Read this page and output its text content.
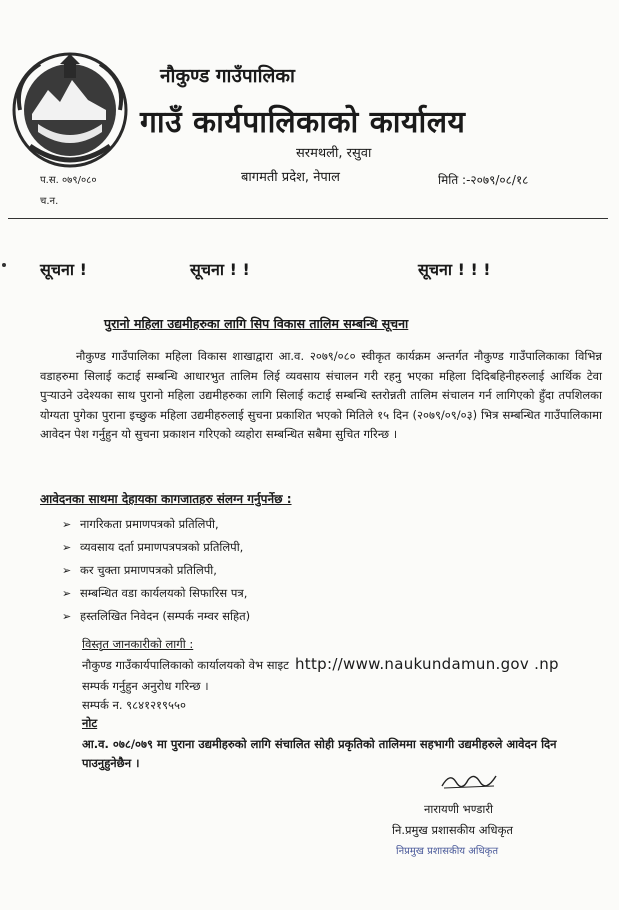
नौकुण्ड गाउँपालिका
गाउँ कार्यपालिकाको कार्यालय
सरमथली, रसुवा
बागमती प्रदेश, नेपाल
प.स. ०७९/०८०
च.न.
मिति :-२०७९/०८/१८
सूचना !	सूचना ! !	सूचना ! ! !
पुरानो महिला उद्यमीहरुका लागि सिप विकास तालिम सम्बन्धि सूचना

नौकुण्ड गाउँपालिका महिला विकास शाखाद्वारा आ.व. २०७९/०८० स्वीकृत कार्यक्रम अन्तर्गत नौकुण्ड गाउँपालिकाका विभिन्न वडाहरुमा सिलाई कटाई सम्बन्धि आधारभुत तालिम लिई व्यवसाय संचालन गरी रहनु भएका महिला दिदिबहिनीहरुलाई आर्थिक टेवा पुर्‍याउने उदेश्यका साथ पुरानो महिला उद्यमीहरुका लागि सिलाई कटाई सम्बन्धि स्तरोन्नती तालिम संचालन गर्न लागिएको हुँदा तपशिलका योग्यता पुगेका पुराना इच्छुक महिला उद्यमीहरुलाई सुचना प्रकाशित भएको मितिले १५ दिन (२०७९/०९/०३) भित्र सम्बन्धित गाउँपालिकामा आवेदन पेश गर्नुहुन यो सुचना प्रकाशन गरिएको व्यहोरा सम्बन्धित सबैमा सुचित गरिन्छ ।

आवेदनका साथमा देहायका कागजातहरु संलग्न गर्नुपर्नेछ :
➢ नागरिकता प्रमाणपत्रको प्रतिलिपी,
➢ व्यवसाय दर्ता प्रमाणपत्रपत्रको प्रतिलिपी,
➢ कर चुक्ता प्रमाणपत्रको प्रतिलिपी,
➢ सम्बन्धित वडा कार्यलयको सिफारिस पत्र,
➢ हस्तलिखित निवेदन (सम्पर्क नम्वर सहित)
विस्तृत जानकारीको लागी :
नौकुण्ड गाउँकार्यपालिकाको कार्यालयको वेभ साइट http://www.naukundamun.gov .np
सम्पर्क गर्नुहुन अनुरोध गरिन्छ ।
सम्पर्क न. ९८४१२१९५५०
नोट
आ.व. ०७८/०७९ मा पुराना उद्यमीहरुको लागि संचालित सोही प्रकृतिको तालिममा सहभागी उद्यमीहरुले आवेदन दिन पाउनुहुनेछैन ।
नारायणी भण्डारी
नि.प्रमुख प्रशासकीय अधिकृत
निप्रमुख प्रशासकीय अधिकृत
